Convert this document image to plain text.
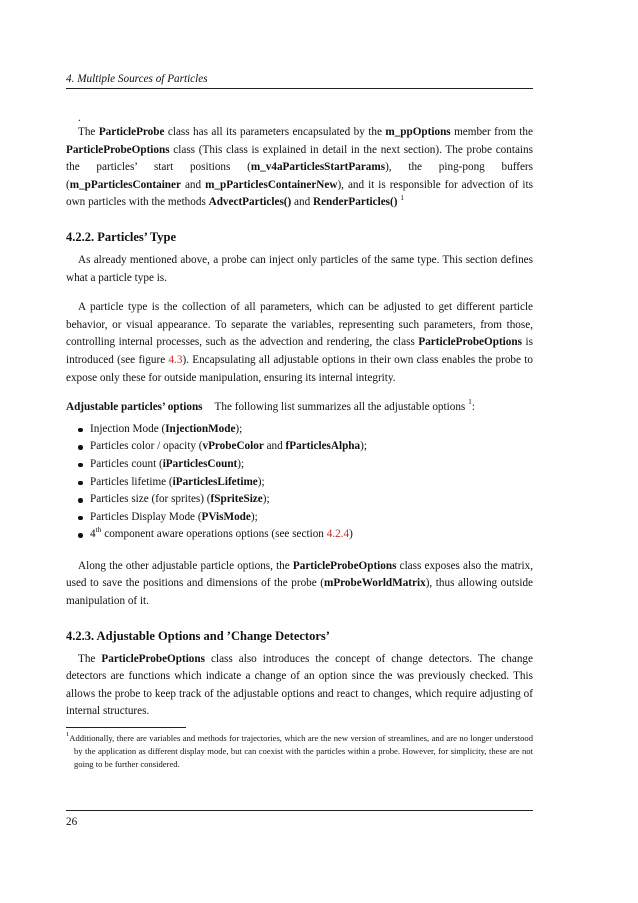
4. Multiple Sources of Particles

.

The ParticleProbe class has all its parameters encapsulated by the m_ppOptions member from the ParticleProbeOptions class (This class is explained in detail in the next section). The probe contains the particles’ start positions (m_v4aParticlesStartParams), the ping-pong buffers (m_pParticlesContainer and m_pParticlesContainerNew), and it is responsible for advection of its own particles with the methods AdvectParticles() and RenderParticles() $^1$

4.2.2. Particles’ Type

As already mentioned above, a probe can inject only particles of the same type. This section defines what a particle type is.

A particle type is the collection of all parameters, which can be adjusted to get different particle behavior, or visual appearance. To separate the variables, representing such parameters, from those, controlling internal processes, such as the advection and rendering, the class ParticleProbeOptions is introduced (see figure 4.3). Encapsulating all adjustable options in their own class enables the probe to expose only these for outside manipulation, ensuring its internal integrity.

Adjustable particles’ options The following list summarizes all the adjustable options $^1$:

Injection Mode (InjectionMode);
Particles color / opacity (vProbeColor and fParticlesAlpha);
Particles count (iParticlesCount);
Particles lifetime (iParticlesLifetime);
Particles size (for sprites) (fSpriteSize);
Particles Display Mode (PVisMode);
4th component aware operations options (see section 4.2.4)

Along the other adjustable particle options, the ParticleProbeOptions class exposes also the matrix, used to save the positions and dimensions of the probe (mProbeWorldMatrix), thus allowing outside manipulation of it.

4.2.3. Adjustable Options and ’Change Detectors’

The ParticleProbeOptions class also introduces the concept of change detectors. The change detectors are functions which indicate a change of an option since the was previously checked. This allows the probe to keep track of the adjustable options and react to changes, which require adjusting of internal structures.

$^1$Additionally, there are variables and methods for trajectories, which are the new version of streamlines, and are no longer understood by the application as different display mode, but can coexist with the particles within a probe. However, for simplicity, these are not going to be further considered.

26
